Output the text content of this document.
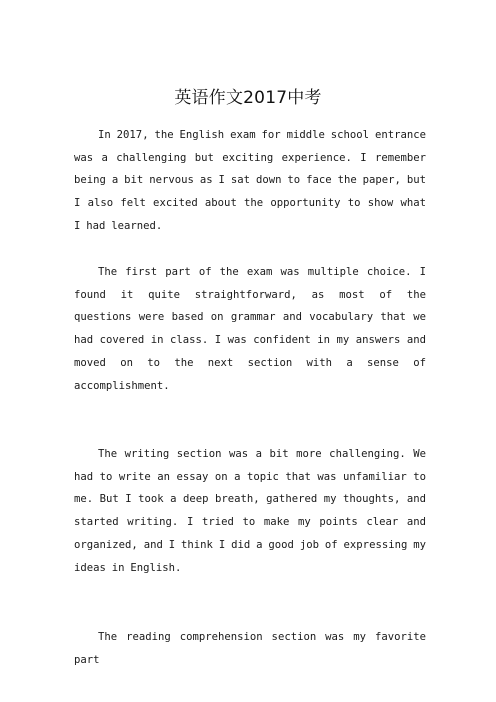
英语作文2017中考

In 2017, the English exam for middle school entrance was a challenging but exciting experience. I remember being a bit nervous as I sat down to face the paper, but I also felt excited about the opportunity to show what I had learned.

The first part of the exam was multiple choice. I found it quite straightforward, as most of the questions were based on grammar and vocabulary that we had covered in class. I was confident in my answers and moved on to the next section with a sense of accomplishment.

The writing section was a bit more challenging. We had to write an essay on a topic that was unfamiliar to me. But I took a deep breath, gathered my thoughts, and started writing. I tried to make my points clear and organized, and I think I did a good job of expressing my ideas in English.

The reading comprehension section was my favorite part
